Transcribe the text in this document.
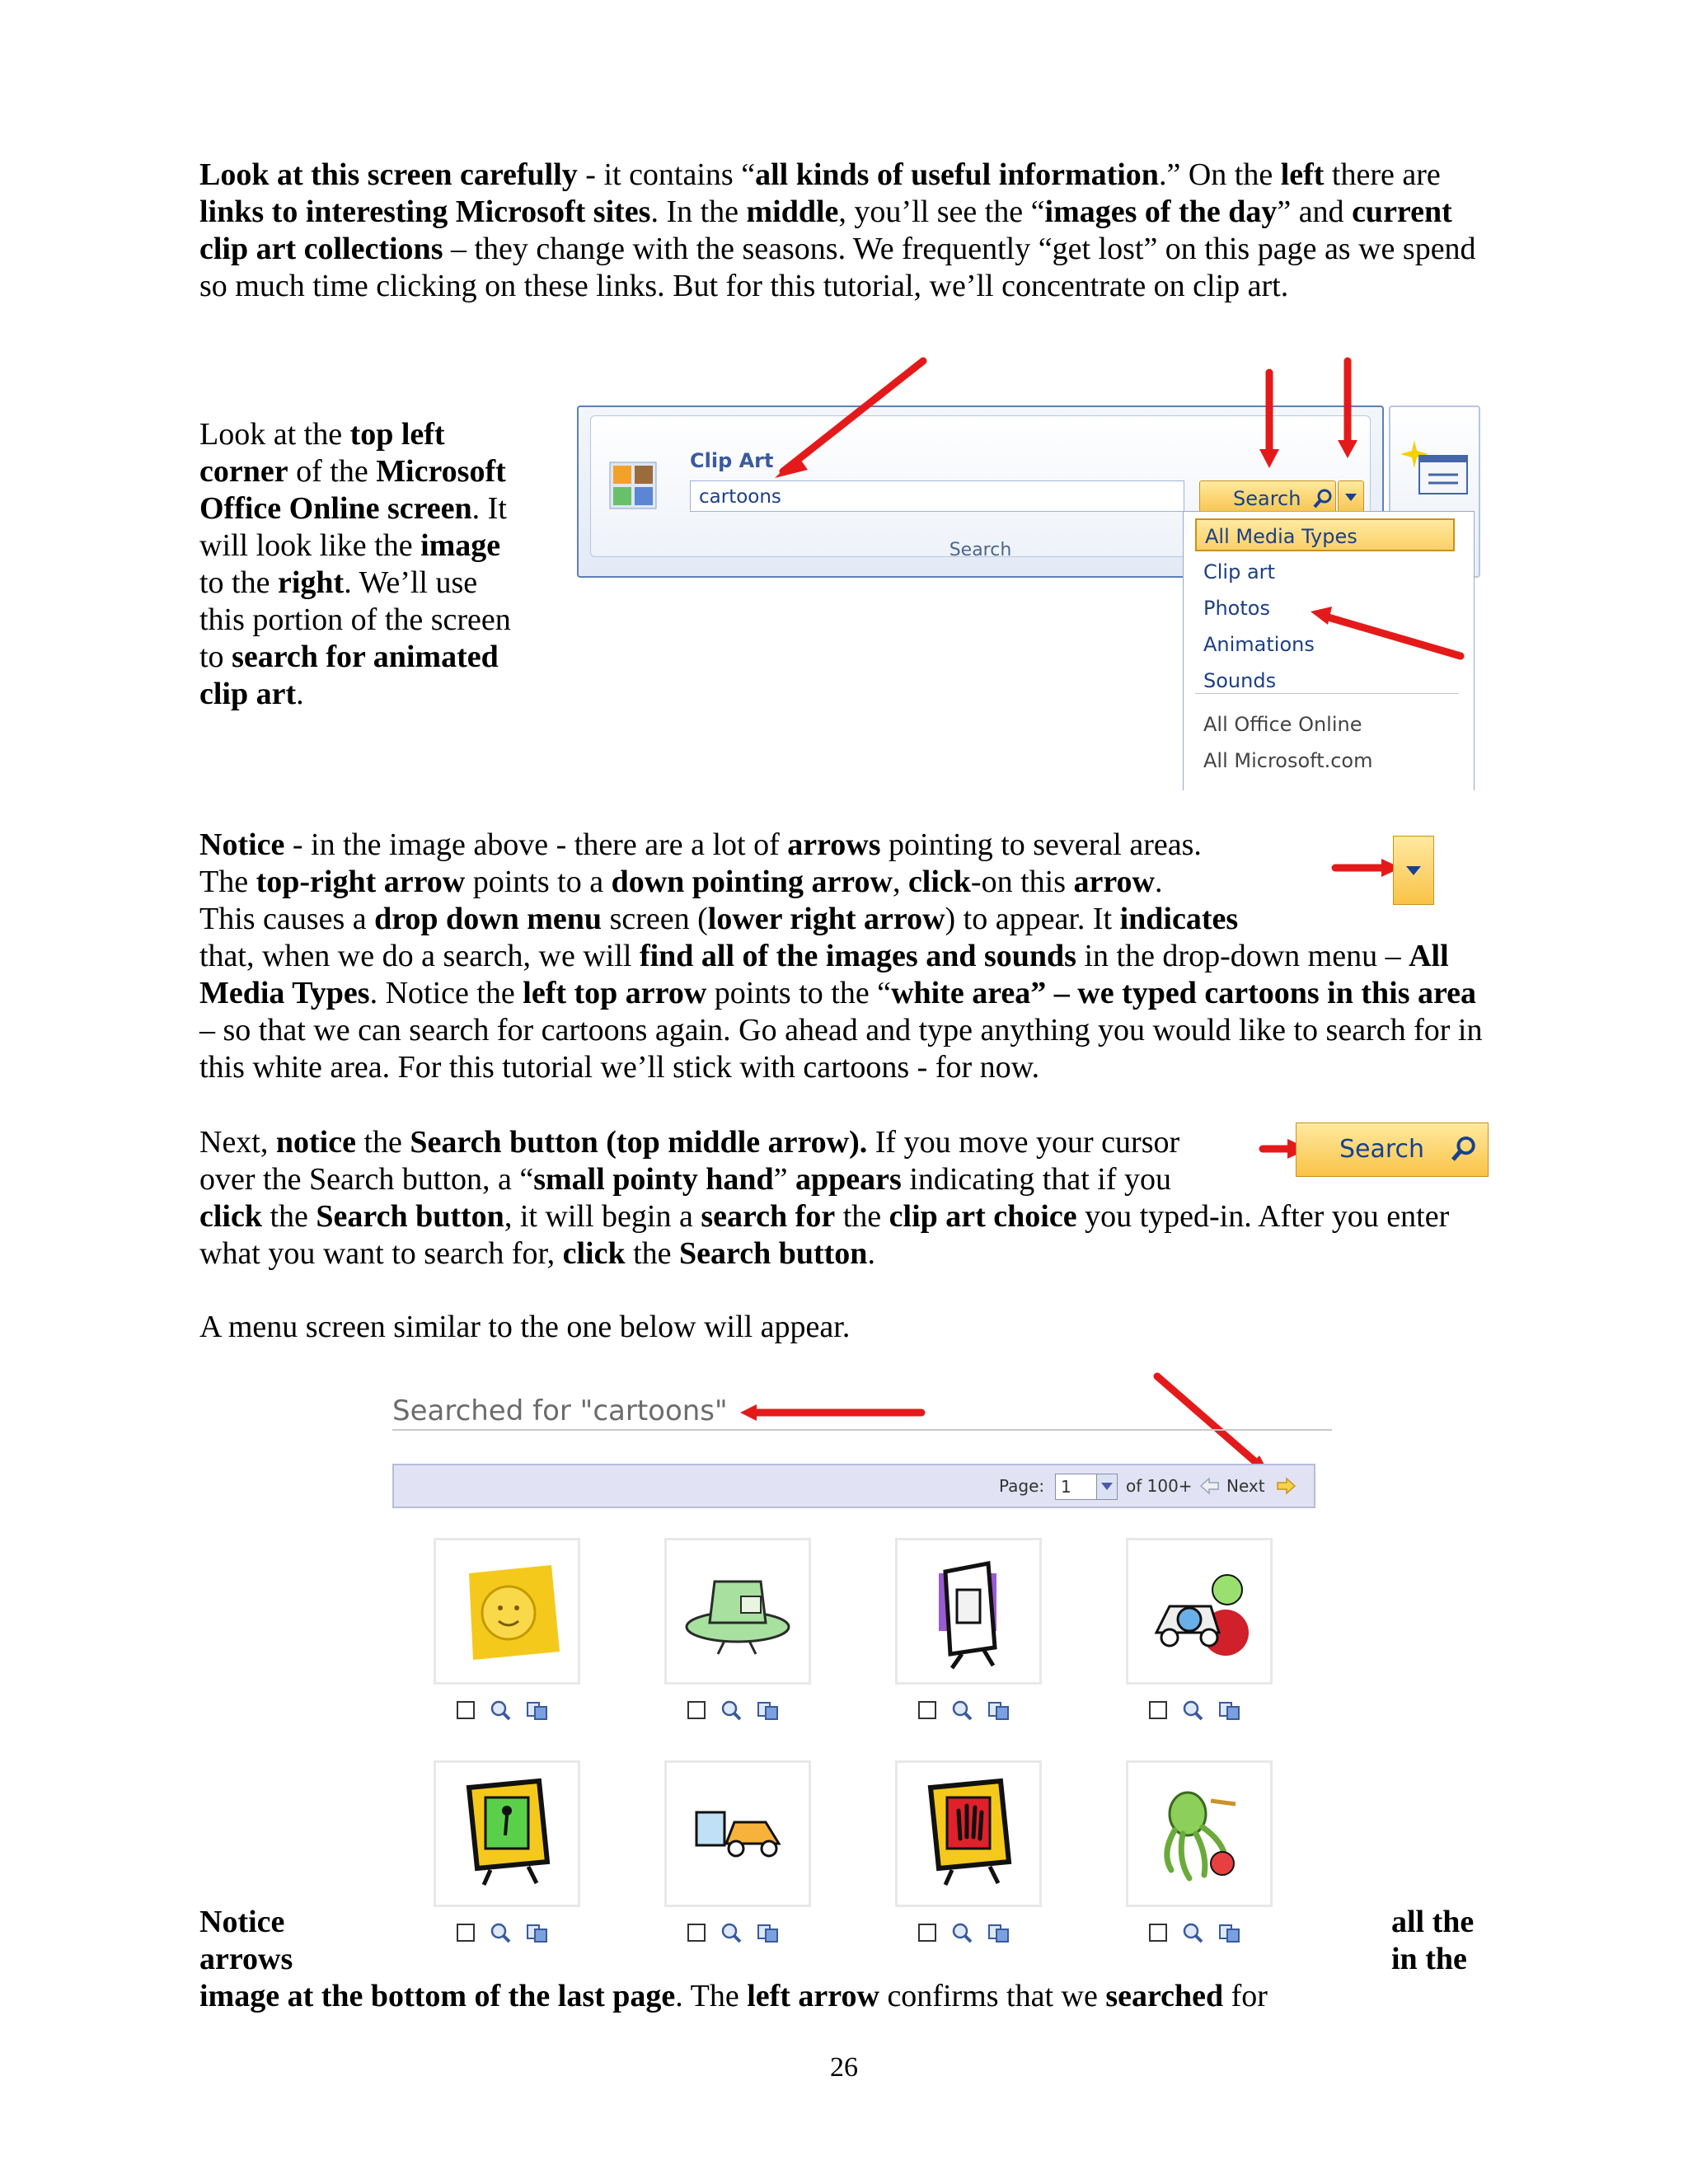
Look at this screen carefully - it contains “all kinds of useful information.” On the left there are links to interesting Microsoft sites. In the middle, you’ll see the “images of the day” and current clip art collections – they change with the seasons. We frequently “get lost” on this page as we spend so much time clicking on these links. But for this tutorial, we’ll concentrate on clip art.

Look at the top left corner of the Microsoft Office Online screen. It will look like the image to the right. We’ll use this portion of the screen to search for animated clip art.

Clip Art
cartoons	Search
Search
All Media Types
Clip art
Photos
Animations
Sounds
All Office Online
All Microsoft.com

Notice - in the image above - there are a lot of arrows pointing to several areas.
The top-right arrow points to a down pointing arrow, click-on this arrow.
This causes a drop down menu screen (lower right arrow) to appear. It indicates
that, when we do a search, we will find all of the images and sounds in the drop-down menu – All Media Types. Notice the left top arrow points to the “white area” – we typed cartoons in this area – so that we can search for cartoons again. Go ahead and type anything you would like to search for in this white area. For this tutorial we’ll stick with cartoons - for now.

Next, notice the Search button (top middle arrow). If you move your cursor
over the Search button, a “small pointy hand” appears indicating that if you
click the Search button, it will begin a search for the clip art choice you typed-in. After you enter what you want to search for, click the Search button.

Search

A menu screen similar to the one below will appear.

Searched for "cartoons"
Page: 1	of 100+ Next
Notice
arrows
all the
in the

image at the bottom of the last page. The left arrow confirms that we searched for

26
